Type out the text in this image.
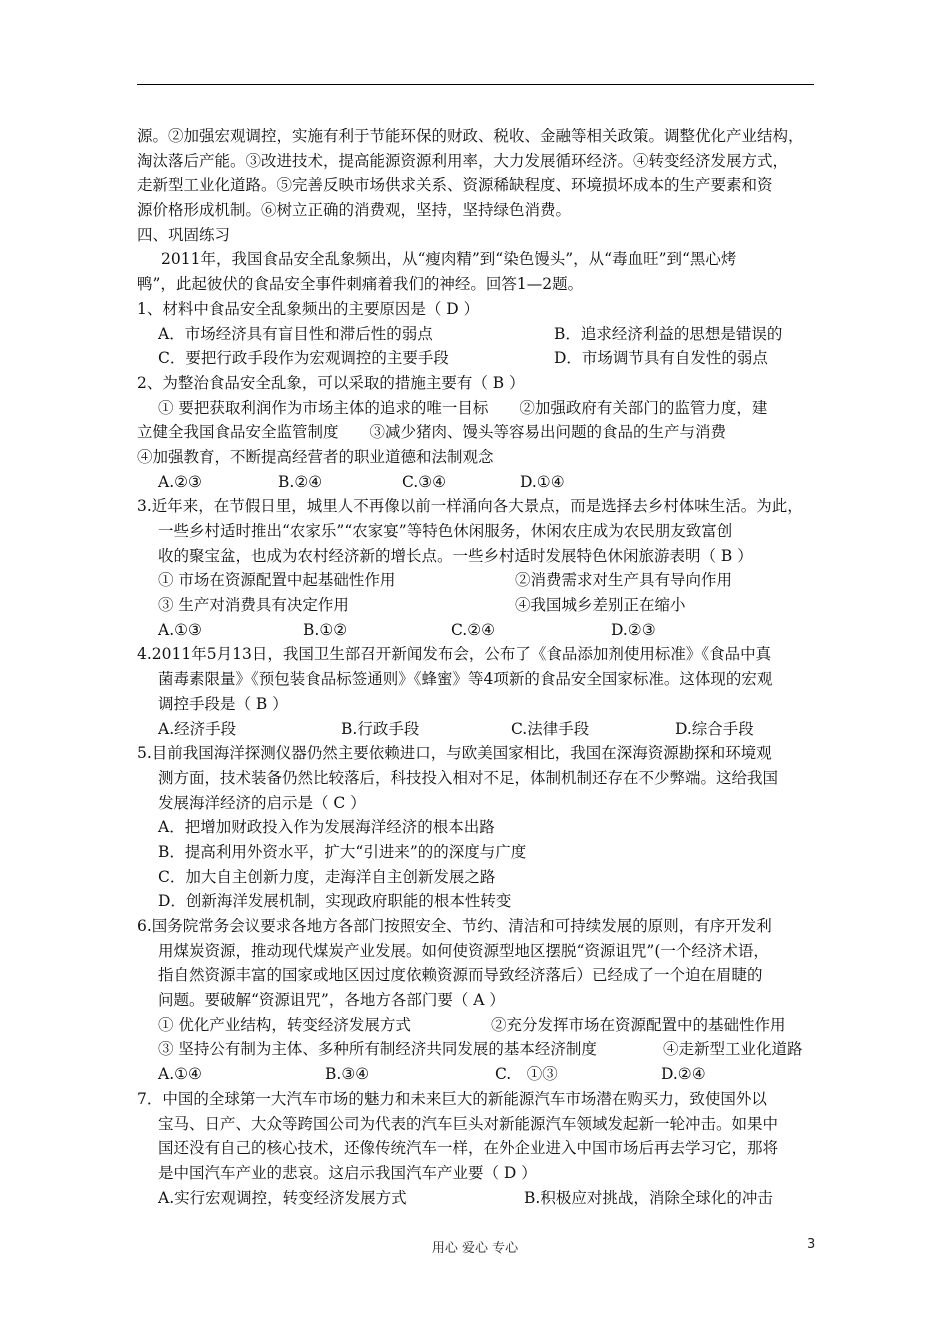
源。②加强宏观调控，实施有利于节能环保的财政、税收、金融等相关政策。调整优化产业结构，
淘汰落后产能。③改进技术，提高能源资源利用率，大力发展循环经济。④转变经济发展方式，
走新型工业化道路。⑤完善反映市场供求关系、资源稀缺程度、环境损坏成本的生产要素和资
源价格形成机制。⑥树立正确的消费观，坚持，坚持绿色消费。
四、巩固练习
2011年，我国食品安全乱象频出，从“瘦肉精”到“染色馒头”，从“毒血旺”到“黑心烤
鸭”，此起彼伏的食品安全事件刺痛着我们的神经。回答1—2题。
1、材料中食品安全乱象频出的主要原因是（ D ）
A．市场经济具有盲目性和滞后性的弱点	B．追求经济利益的思想是错误的
C．要把行政手段作为宏观调控的主要手段	D．市场调节具有自发性的弱点
2、为整治食品安全乱象，可以采取的措施主要有（ B ）
① 要把获取利润作为市场主体的追求的唯一目标　　②加强政府有关部门的监管力度，建
立健全我国食品安全监管制度　　③减少猪肉、馒头等容易出问题的食品的生产与消费
④加强教育，不断提高经营者的职业道德和法制观念
A.②③	B.②④	C.③④	D.①④
3.近年来，在节假日里，城里人不再像以前一样涌向各大景点，而是选择去乡村体味生活。为此，
一些乡村适时推出“农家乐”“农家宴”等特色休闲服务，休闲农庄成为农民朋友致富创
收的聚宝盆，也成为农村经济新的增长点。一些乡村适时发展特色休闲旅游表明（ B ）
① 市场在资源配置中起基础性作用	②消费需求对生产具有导向作用
③ 生产对消费具有决定作用	④我国城乡差别正在缩小
A.①③	B.①②	C.②④	D.②③
4.2011年5月13日，我国卫生部召开新闻发布会，公布了《食品添加剂使用标准》《食品中真
菌毒素限量》《预包装食品标签通则》《蜂蜜》等4项新的食品安全国家标准。这体现的宏观
调控手段是（ B ）
A.经济手段	B.行政手段	C.法律手段	D.综合手段
5.目前我国海洋探测仪器仍然主要依赖进口，与欧美国家相比，我国在深海资源勘探和环境观
测方面，技术装备仍然比较落后，科技投入相对不足，体制机制还存在不少弊端。这给我国
发展海洋经济的启示是（ C ）
A．把增加财政投入作为发展海洋经济的根本出路
B．提高利用外资水平，扩大“引进来”的的深度与广度
C．加大自主创新力度，走海洋自主创新发展之路
D．创新海洋发展机制，实现政府职能的根本性转变
6.国务院常务会议要求各地方各部门按照安全、节约、清洁和可持续发展的原则，有序开发利
用煤炭资源，推动现代煤炭产业发展。如何使资源型地区摆脱“资源诅咒”(一个经济术语，
指自然资源丰富的国家或地区因过度依赖资源而导致经济落后）已经成了一个迫在眉睫的
问题。要破解“资源诅咒”，各地方各部门要（ A ）
① 优化产业结构，转变经济发展方式	②充分发挥市场在资源配置中的基础性作用
③ 坚持公有制为主体、多种所有制经济共同发展的基本经济制度	④走新型工业化道路
A.①④	B.③④	C.　①③	D.②④
7．中国的全球第一大汽车市场的魅力和未来巨大的新能源汽车市场潜在购买力，致使国外以
宝马、日产、大众等跨国公司为代表的汽车巨头对新能源汽车领域发起新一轮冲击。如果中
国还没有自己的核心技术，还像传统汽车一样，在外企业进入中国市场后再去学习它，那将
是中国汽车产业的悲哀。这启示我国汽车产业要（ D ）
A.实行宏观调控，转变经济发展方式	B.积极应对挑战，消除全球化的冲击
用心 爱心 专心	3
